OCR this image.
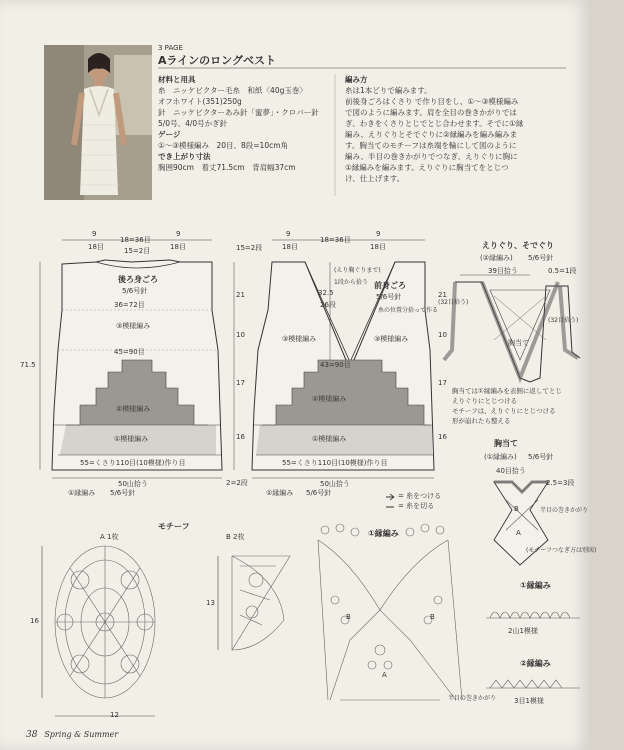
3 PAGE
Aラインのロングベスト
材料と用具
糸　ニッケビクター毛糸　和紙〈40g玉巻〉
オフホワイト(351)250g
針　ニッケビクターあみ針「蜜夢」・クロバー針
5/0号、4/0号かぎ針
ゲージ
①～③模様編み　20目、8段=10cm角
でき上がり寸法
胸囲90cm　着丈71.5cm　背肩幅37cm
編み方
糸は1本どりで編みます。
前後身ごろはくさり で作り目をし、①～③模様編み
で図のように編みます。肩を全目の巻きかがりでは
ぎ、わきをくさりとじでとじ合わせます。そでに①縁
編み、えりぐりとそでぐりに②縁編みを編み編みま
す。胸当てのモチーフは糸端を輪にして図のように
編み、半目の巻きかがりでつなぎ、えりぐりに胸に
①縁編みを編みます。えりぐりに胸当てをとじつ
け、仕上げます。
9
18=36目
9
18目	18目
15=2目
後ろ身ごろ
5/6号針
36=72目
③模様編み
45=90目
②模様編み
①模様編み
55=くさり110目(10模様)作り目
50山拾う
①縁編み 5/6号針
71.5
15=2段
21
10
17
16
2=2段
9
18=36目
9
18目	18目
(えり胸ぐりまで)
32.5
26段
1段から拾う 前身ごろ
5/6号針
糸の位置分拾って作る
③模様編み	③模様編み
43=90目
②模様編み
①模様編み
55=くさり110目(10模様)作り目
50山拾う
①縁編み 5/6号針
21
10
17
16
えりぐり、そでぐり
(②縁編み) 5/6号針
39目拾う	0.5=1段
(32目拾う)
(32目拾う)
胸当て
胸当ては①縁編みを表側に返してとじ
えりぐりにとじつける
モチーフは、えりぐりにとじつける
形が崩れたら整える
胸当て
(①縁編み) 5/6号針
40目拾う
2.5=3段
B
A
半目の巻きかがり
(モチーフつなぎ方は別図)
= 糸をつける
= 糸を切る
モチーフ
A 1枚	B 2枚
16
12
13
①縁編み
B	B
A
半目の巻きかがり
①縁編み
2山1模様
②縁編み
3目1模様
38 Spring & Summer
